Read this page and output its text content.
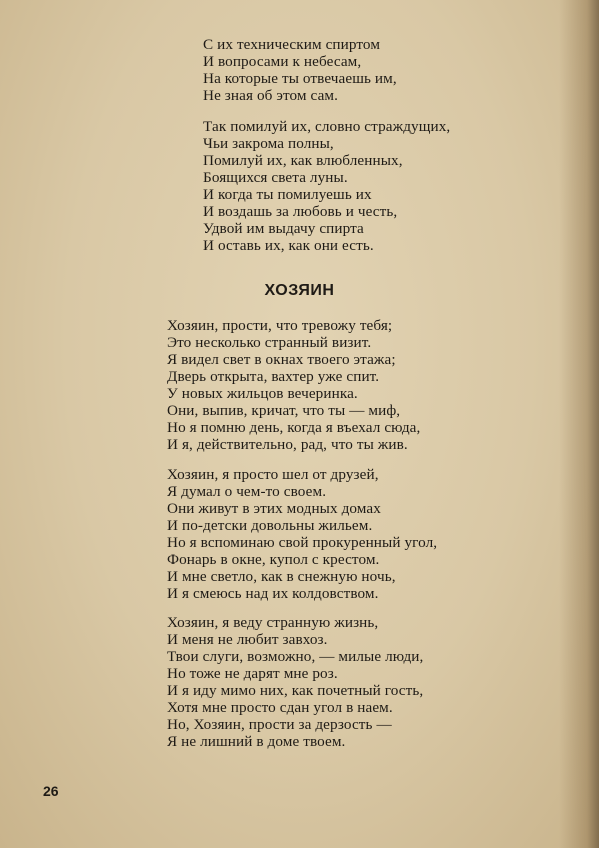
С их техническим спиртом
И вопросами к небесам,
На которые ты отвечаешь им,
Не зная об этом сам.
Так помилуй их, словно страждущих,
Чьи закрома полны,
Помилуй их, как влюбленных,
Боящихся света луны.
И когда ты помилуешь их
И воздашь за любовь и честь,
Удвой им выдачу спирта
И оставь их, как они есть.
ХОЗЯИН
Хозяин, прости, что тревожу тебя;
Это несколько странный визит.
Я видел свет в окнах твоего этажа;
Дверь открыта, вахтер уже спит.
У новых жильцов вечеринка.
Они, выпив, кричат, что ты — миф,
Но я помню день, когда я въехал сюда,
И я, действительно, рад, что ты жив.
Хозяин, я просто шел от друзей,
Я думал о чем-то своем.
Они живут в этих модных домах
И по-детски довольны жильем.
Но я вспоминаю свой прокуренный угол,
Фонарь в окне, купол с крестом.
И мне светло, как в снежную ночь,
И я смеюсь над их колдовством.
Хозяин, я веду странную жизнь,
И меня не любит завхоз.
Твои слуги, возможно, — милые люди,
Но тоже не дарят мне роз.
И я иду мимо них, как почетный гость,
Хотя мне просто сдан угол в наем.
Но, Хозяин, прости за дерзость —
Я не лишний в доме твоем.
26
